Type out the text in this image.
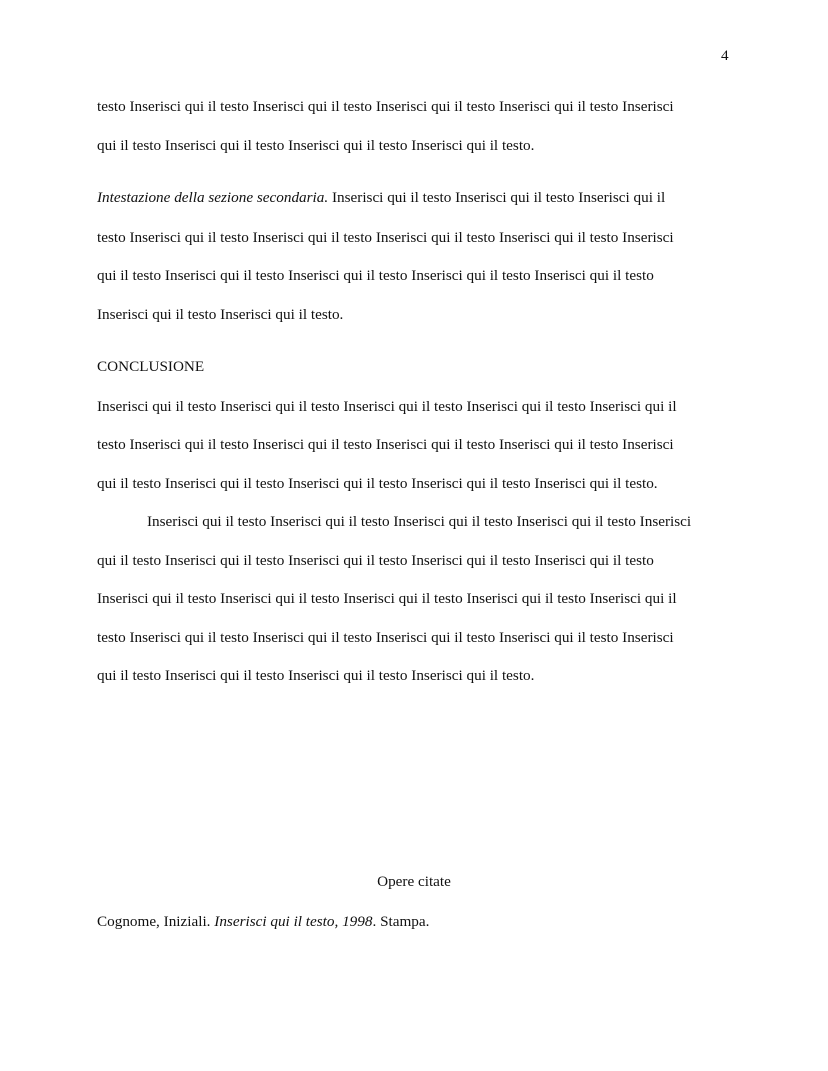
4
testo Inserisci qui il testo Inserisci qui il testo Inserisci qui il testo Inserisci qui il testo Inserisci
qui il testo Inserisci qui il testo Inserisci qui il testo Inserisci qui il testo.
Intestazione della sezione secondaria. Inserisci qui il testo Inserisci qui il testo Inserisci qui il
testo Inserisci qui il testo Inserisci qui il testo Inserisci qui il testo Inserisci qui il testo Inserisci
qui il testo Inserisci qui il testo Inserisci qui il testo Inserisci qui il testo Inserisci qui il testo
Inserisci qui il testo Inserisci qui il testo.
CONCLUSIONE
Inserisci qui il testo Inserisci qui il testo Inserisci qui il testo Inserisci qui il testo Inserisci qui il
testo Inserisci qui il testo Inserisci qui il testo Inserisci qui il testo Inserisci qui il testo Inserisci
qui il testo Inserisci qui il testo Inserisci qui il testo Inserisci qui il testo Inserisci qui il testo.
Inserisci qui il testo Inserisci qui il testo Inserisci qui il testo Inserisci qui il testo Inserisci
qui il testo Inserisci qui il testo Inserisci qui il testo Inserisci qui il testo Inserisci qui il testo
Inserisci qui il testo Inserisci qui il testo Inserisci qui il testo Inserisci qui il testo Inserisci qui il
testo Inserisci qui il testo Inserisci qui il testo Inserisci qui il testo Inserisci qui il testo Inserisci
qui il testo Inserisci qui il testo Inserisci qui il testo Inserisci qui il testo.
Opere citate
Cognome, Iniziali. Inserisci qui il testo, 1998. Stampa.
